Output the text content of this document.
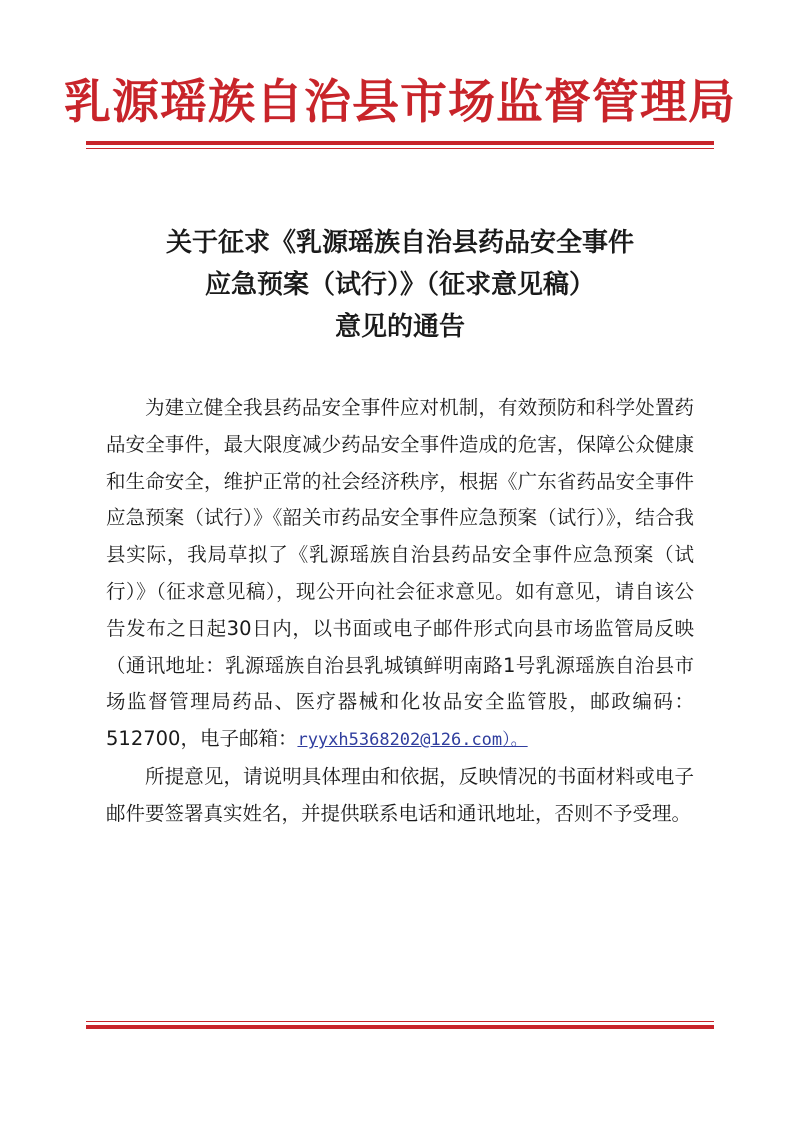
乳源瑶族自治县市场监督管理局
关于征求《乳源瑶族自治县药品安全事件
应急预案（试行）》（征求意见稿）
意见的通告

为建立健全我县药品安全事件应对机制，有效预防和科学处置药品安全事件，最大限度减少药品安全事件造成的危害，保障公众健康和生命安全，维护正常的社会经济秩序，根据《广东省药品安全事件应急预案（试行）》《韶关市药品安全事件应急预案（试行）》，结合我县实际，我局草拟了《乳源瑶族自治县药品安全事件应急预案（试行）》（征求意见稿），现公开向社会征求意见。如有意见，请自该公告发布之日起30日内，以书面或电子邮件形式向县市场监管局反映（通讯地址：乳源瑶族自治县乳城镇鲜明南路1号乳源瑶族自治县市场监督管理局药品、医疗器械和化妆品安全监管股，邮政编码：512700，电子邮箱：ryyxh5368202@126.com）。

所提意见，请说明具体理由和依据，反映情况的书面材料或电子邮件要签署真实姓名，并提供联系电话和通讯地址，否则不予受理。
